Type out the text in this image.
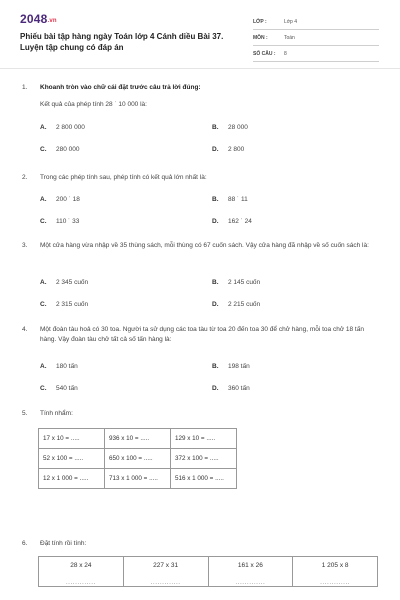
2048.vn
Phiếu bài tập hàng ngày Toán lớp 4 Cánh diều Bài 37. Luyện tập chung có đáp án
LỚP :	Lớp 4
MÔN :	Toán
SỐ CÂU :	8
1.	Khoanh tròn vào chữ cái đặt trước câu trả lời đúng:
Kết quả của phép tính 28 ˙ 10 000 là:
A. 2 800 000	B. 28 000
C. 280 000	D. 2 800
2.	Trong các phép tính sau, phép tính có kết quả lớn nhất là:
A. 200 ˙ 18	B. 88 ˙ 11
C. 110 ˙ 33	D. 162 ˙ 24
3.	Một cửa hàng vừa nhập về 35 thùng sách, mỗi thùng có 67 cuốn sách. Vậy cửa hàng đã nhập về số cuốn sách là:
A. 2 345 cuốn	B. 2 145 cuốn
C. 2 315 cuốn	D. 2 215 cuốn
4.	Một đoàn tàu hoả có 30 toa. Người ta sử dụng các toa tàu từ toa 20 đến toa 30 để chở hàng, mỗi toa chở 18 tấn hàng. Vậy đoàn tàu chở tất cả số tấn hàng là:
A. 180 tấn	B. 198 tấn
C. 540 tấn	D. 360 tấn
5.	Tính nhẩm:
17 x 10 = .....	936 x 10 = .....	129 x 10 = .....
52 x 100 = .....	650 x 100 = .....	372 x 100 = .....
12 x 1 000 = .....	713 x 1 000 = .....	516 x 1 000 = .....
6.	Đặt tính rồi tính:
28 x 24
.............
	227 x 31
.............
	161 x 26
.............
	1 205 x 8
.............
